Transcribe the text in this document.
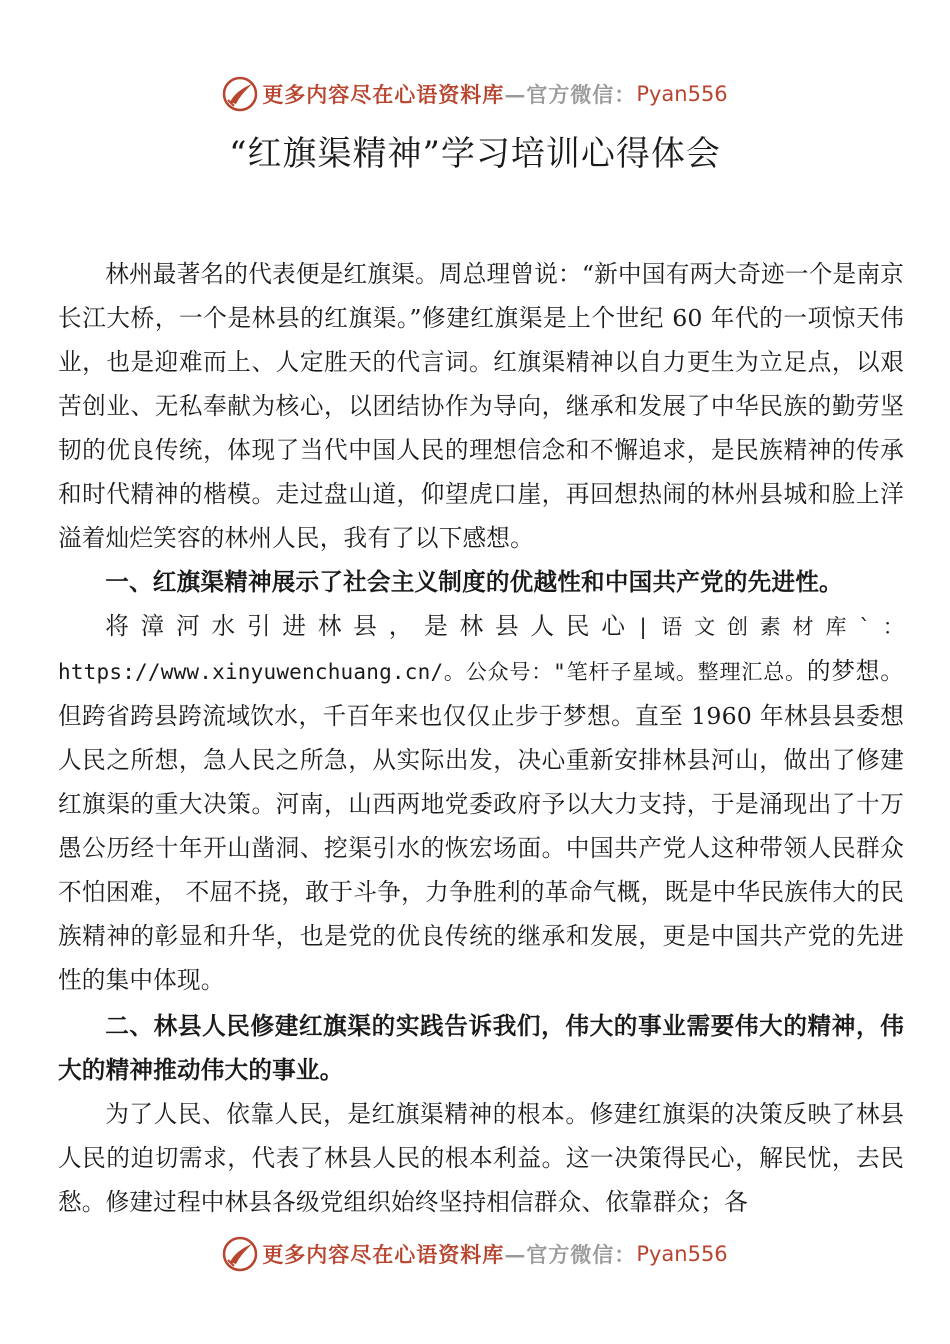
更多内容尽在心语资料库 —官方微信： Pyan556
“红旗渠精神”学习培训心得体会

林州最著名的代表便是红旗渠。周总理曾说：“新中国有两大奇迹一个是南京长江大桥，一个是林县的红旗渠。”修建红旗渠是上个世纪 60 年代的一项惊天伟业，也是迎难而上、人定胜天的代言词。红旗渠精神以自力更生为立足点，以艰苦创业、无私奉献为核心，以团结协作为导向，继承和发展了中华民族的勤劳坚韧的优良传统，体现了当代中国人民的理想信念和不懈追求，是民族精神的传承和时代精神的楷模。走过盘山道，仰望虎口崖，再回想热闹的林州县城和脸上洋溢着灿烂笑容的林州人民，我有了以下感想。

一、红旗渠精神展示了社会主义制度的优越性和中国共产党的先进性。

将漳河水引进林县，是林县人民心|语文创素材库`：https://www.xinyuwenchuang.cn/。公众号："笔杆子星域。整理汇总。的梦想。但跨省跨县跨流域饮水，千百年来也仅仅止步于梦想。直至 1960 年林县县委想人民之所想，急人民之所急，从实际出发，决心重新安排林县河山，做出了修建红旗渠的重大决策。河南，山西两地党委政府予以大力支持，于是涌现出了十万愚公历经十年开山凿洞、挖渠引水的恢宏场面。中国共产党人这种带领人民群众不怕困难， 不屈不挠，敢于斗争，力争胜利的革命气概，既是中华民族伟大的民族精神的彰显和升华，也是党的优良传统的继承和发展，更是中国共产党的先进性的集中体现。

二、林县人民修建红旗渠的实践告诉我们，伟大的事业需要伟大的精神，伟大的精神推动伟大的事业。

为了人民、依靠人民，是红旗渠精神的根本。修建红旗渠的决策反映了林县人民的迫切需求，代表了林县人民的根本利益。这一决策得民心，解民忧，去民愁。修建过程中林县各级党组织始终坚持相信群众、依靠群众；各

更多内容尽在心语资料库 —官方微信： Pyan556
